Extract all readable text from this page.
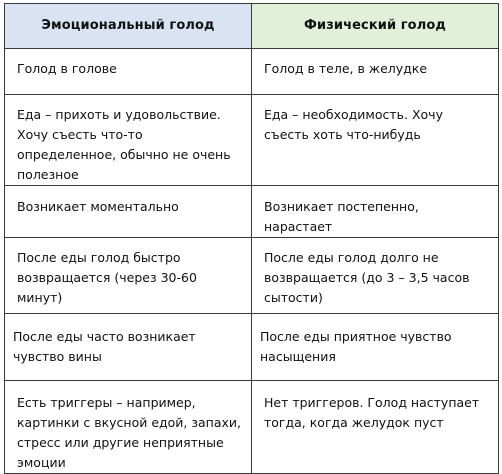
Эмоциональный голод	Физический голод

Голод в голове	Голод в теле, в желудке

Еда – прихоть и удовольствие. Хочу съесть что-то определенное, обычно не очень полезное	Еда – необходимость. Хочу съесть хоть что-нибудь

Возникает моментально	Возникает постепенно, нарастает

После еды голод быстро возвращается (через 30-60 минут)	После еды голод долго не возвращается (до 3 – 3,5 часов сытости)

После еды часто возникает чувство вины	После еды приятное чувство насыщения

Есть триггеры – например, картинки с вкусной едой, запахи, стресс или другие неприятные эмоции	Нет триггеров. Голод наступает тогда, когда желудок пуст
